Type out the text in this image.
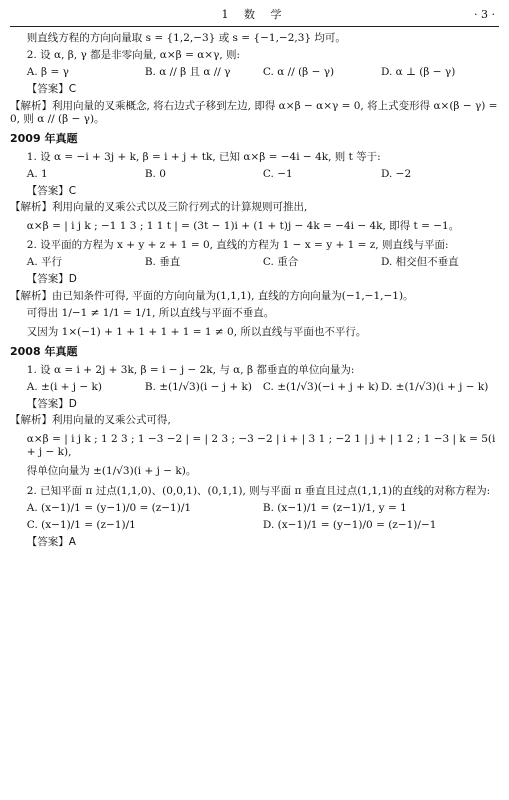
1 数 学	· 3 ·

则直线方程的方向向量取 s = {1,2,−3} 或 s = {−1,−2,3} 均可。

2. 设 α, β, γ 都是非零向量, α×β = α×γ, 则:

A. β = γ	B. α // β 且 α // γ	C. α // (β − γ)	D. α ⊥ (β − γ)

【答案】C

【解析】利用向量的叉乘概念, 将右边式子移到左边, 即得 α×β − α×γ = 0, 将上式变形得 α×(β − γ) = 0, 则 α // (β − γ)。

2009 年真题

1. 设 α = −i + 3j + k, β = i + j + tk, 已知 α×β = −4i − 4k, 则 t 等于:

A. 1	B. 0	C. −1	D. −2

【答案】C

【解析】利用向量的叉乘公式以及三阶行列式的计算规则可推出,

α×β = | i j k ; −1 1 3 ; 1 1 t | = (3t − 1)i + (1 + t)j − 4k = −4i − 4k, 即得 t = −1。

2. 设平面的方程为 x + y + z + 1 = 0, 直线的方程为 1 − x = y + 1 = z, 则直线与平面:

A. 平行	B. 垂直	C. 重合	D. 相交但不垂直

【答案】D

【解析】由已知条件可得, 平面的方向向量为(1,1,1), 直线的方向向量为(−1,−1,−1)。

可得出 1/−1 ≠ 1/1 = 1/1, 所以直线与平面不垂直。

又因为 1×(−1) + 1 + 1 + 1 + 1 = 1 ≠ 0, 所以直线与平面也不平行。

2008 年真题

1. 设 α = i + 2j + 3k, β = i − j − 2k, 与 α, β 都垂直的单位向量为:

A. ±(i + j − k)	B. ±(1/√3)(i − j + k)	C. ±(1/√3)(−i + j + k) D. ±(1/√3)(i + j − k)

【答案】D

【解析】利用向量的叉乘公式可得,

α×β = | i j k ; 1 2 3 ; 1 −3 −2 | = | 2 3 ; −3 −2 | i + | 3 1 ; −2 1 | j + | 1 2 ; 1 −3 | k = 5(i + j − k),

得单位向量为 ±(1/√3)(i + j − k)。

2. 已知平面 π 过点(1,1,0)、(0,0,1)、(0,1,1), 则与平面 π 垂直且过点(1,1,1)的直线的对称方程为:

A. (x−1)/1 = (y−1)/0 = (z−1)/1	B. (x−1)/1 = (z−1)/1, y = 1
C. (x−1)/1 = (z−1)/1	D. (x−1)/1 = (y−1)/0 = (z−1)/−1

【答案】A
